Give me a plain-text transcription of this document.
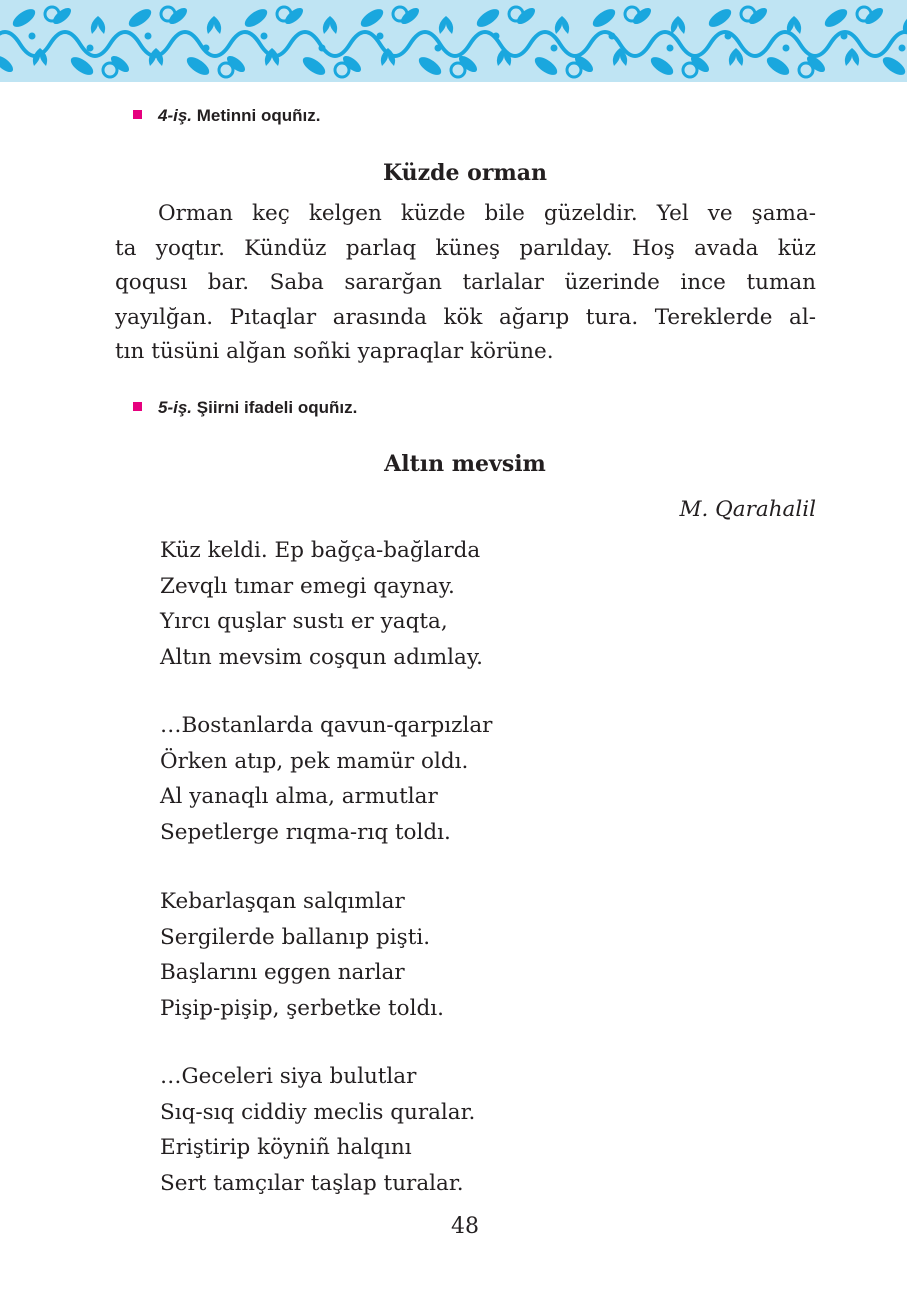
4-iş. Metinni oquñız.
Küzde orman
Orman keç kelgen küzde bile güzeldir. Yel ve şama-
ta yoqtır. Kündüz parlaq küneş parılday. Hoş avada küz
qoqusı bar. Saba sararğan tarlalar üzerinde ince tuman
yayılğan. Pıtaqlar arasında kök ağarıp tura. Tereklerde al-
tın tüsüni alğan soñki yapraqlar körüne.
5-iş. Şiirni ifadeli oquñız.
Altın mevsim
M. Qarahalil
Küz keldi. Ep bağça-bağlarda
Zevqlı tımar emegi qaynay.
Yırcı quşlar sustı er yaqta,
Altın mevsim coşqun adımlay.
…Bostanlarda qavun-qarpızlar
Örken atıp, pek mamür oldı.
Al yanaqlı alma, armutlar
Sepetlerge rıqma-rıq toldı.
Kebarlaşqan salqımlar
Sergilerde ballanıp pişti.
Başlarını eggen narlar
Pişip-pişip, şerbetke toldı.
…Geceleri siya bulutlar
Sıq-sıq ciddiy meclis quralar.
Eriştirip köyniñ halqını
Sert tamçılar taşlap turalar.
48
